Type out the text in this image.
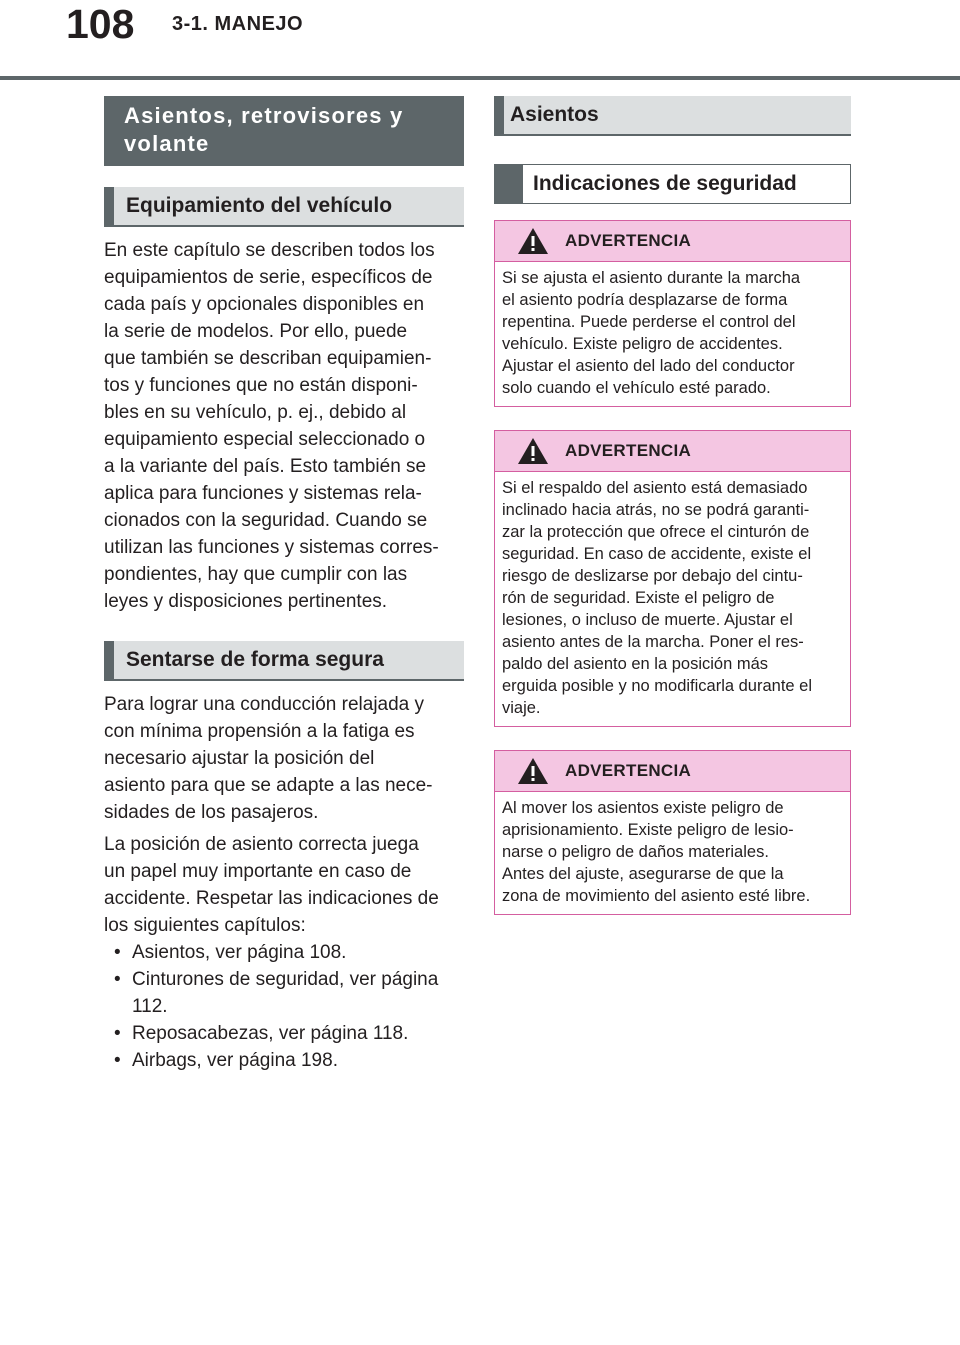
108 3-1. MANEJO
Asientos, retrovisores y volante
Equipamiento del vehículo

En este capítulo se describen todos los
equipamientos de serie, específicos de
cada país y opcionales disponibles en
la serie de modelos. Por ello, puede
que también se describan equipamien-
tos y funciones que no están disponi-
bles en su vehículo, p. ej., debido al
equipamiento especial seleccionado o
a la variante del país. Esto también se
aplica para funciones y sistemas rela-
cionados con la seguridad. Cuando se
utilizan las funciones y sistemas corres-
pondientes, hay que cumplir con las
leyes y disposiciones pertinentes.

Sentarse de forma segura

Para lograr una conducción relajada y
con mínima propensión a la fatiga es
necesario ajustar la posición del
asiento para que se adapte a las nece-
sidades de los pasajeros.

La posición de asiento correcta juega
un papel muy importante en caso de
accidente. Respetar las indicaciones de
los siguientes capítulos:

• Asientos, ver página 108.
• Cinturones de seguridad, ver página 112.
• Reposacabezas, ver página 118.
• Airbags, ver página 198.
Asientos
Indicaciones de seguridad
ADVERTENCIA

Si se ajusta el asiento durante la marcha
el asiento podría desplazarse de forma
repentina. Puede perderse el control del
vehículo. Existe peligro de accidentes.
Ajustar el asiento del lado del conductor
solo cuando el vehículo esté parado.

ADVERTENCIA

Si el respaldo del asiento está demasiado
inclinado hacia atrás, no se podrá garanti-
zar la protección que ofrece el cinturón de
seguridad. En caso de accidente, existe el
riesgo de deslizarse por debajo del cintu-
rón de seguridad. Existe el peligro de
lesiones, o incluso de muerte. Ajustar el
asiento antes de la marcha. Poner el res-
paldo del asiento en la posición más
erguida posible y no modificarla durante el
viaje.

ADVERTENCIA

Al mover los asientos existe peligro de
aprisionamiento. Existe peligro de lesio-
narse o peligro de daños materiales.
Antes del ajuste, asegurarse de que la
zona de movimiento del asiento esté libre.
